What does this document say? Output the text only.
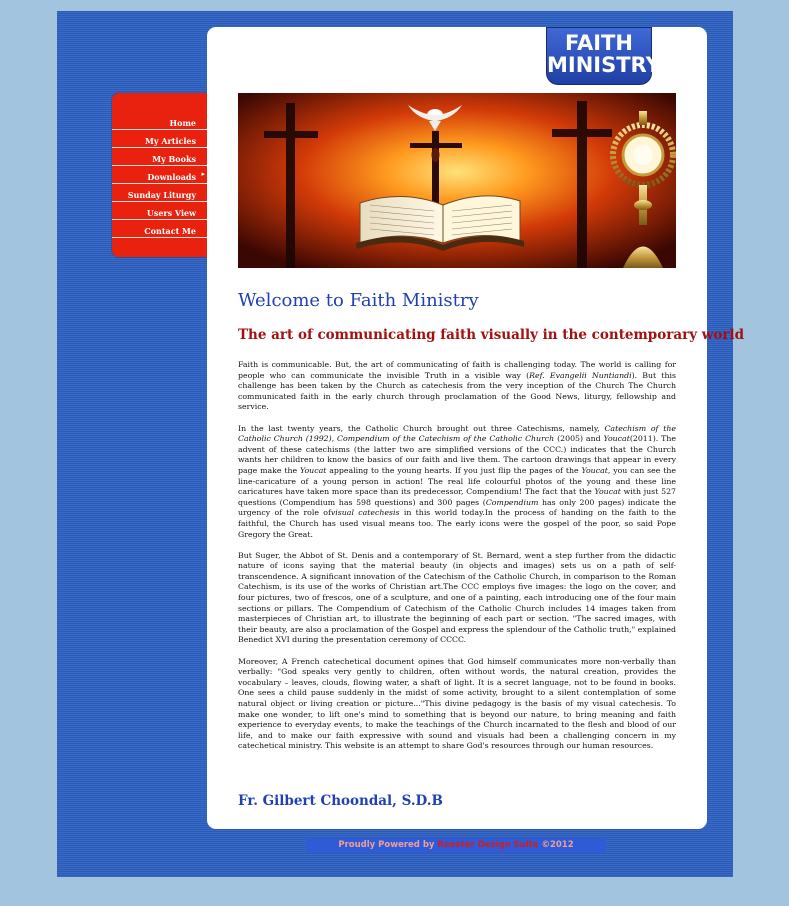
Home
My Articles
My Books
Downloads ▸
Sunday Liturgy
Users View
Contact Me
FAITH
MINISTRY
Welcome to Faith Ministry
The art of communicating faith visually in the contemporary world

Faith is communicable. But, the art of communicating of faith is challenging today. The world is calling for people who can communicate the invisible Truth in a visible way (Ref. Evangelii Nuntiandi). But this challenge has been taken by the Church as catechesis from the very inception of the Church The Church communicated faith in the early church through proclamation of the Good News, liturgy, fellowship and service.

In the last twenty years, the Catholic Church brought out three Catechisms, namely, Catechism of the Catholic Church (1992), Compendium of the Catechism of the Catholic Church (2005) and Youcat(2011). The advent of these catechisms (the latter two are simplified versions of the CCC.) indicates that the Church wants her children to know the basics of our faith and live them. The cartoon drawings that appear in every page make the Youcat appealing to the young hearts. If you just flip the pages of the Youcat, you can see the line-caricature of a young person in action! The real life colourful photos of the young and these line caricatures have taken more space than its predecessor, Compendium! The fact that the Youcat with just 527 questions (Compendium has 598 questions) and 300 pages (Compendium has only 200 pages) indicate the urgency of the role ofvisual catechesis in this world today.In the process of handing on the faith to the faithful, the Church has used visual means too. The early icons were the gospel of the poor, so said Pope Gregory the Great.

But Suger, the Abbot of St. Denis and a contemporary of St. Bernard, went a step further from the didactic nature of icons saying that the material beauty (in objects and images) sets us on a path of self-transcendence. A significant innovation of the Catechism of the Catholic Church, in comparison to the Roman Catechism, is its use of the works of Christian art.The CCC employs five images: the logo on the cover, and four pictures, two of frescos, one of a sculpture, and one of a painting, each introducing one of the four main sections or pillars. The Compendium of Catechism of the Catholic Church includes 14 images taken from masterpieces of Christian art, to illustrate the beginning of each part or section. "The sacred images, with their beauty, are also a proclamation of the Gospel and express the splendour of the Catholic truth," explained Benedict XVI during the presentation ceremony of CCCC.

Moreover, A French catechetical document opines that God himself communicates more non-verbally than verbally: "God speaks very gently to children, often without words, the natural creation, provides the vocabulary – leaves, clouds, flowing water, a shaft of light. It is a secret language, not to be found in books. One sees a child pause suddenly in the midst of some activity, brought to a silent contemplation of some natural object or living creation or picture..."This divine pedagogy is the basis of my visual catechesis. To make one wonder, to lift one's mind to something that is beyond our nature, to bring meaning and faith experience to everyday events, to make the teachings of the Church incarnated to the flesh and blood of our life, and to make our faith expressive with sound and visuals had been a challenging concern in my catechetical ministry. This website is an attempt to share God's resources through our human resources.

Fr. Gilbert Choondal, S.D.B
Proudly Powered by Rooster Design Suite ©2012
